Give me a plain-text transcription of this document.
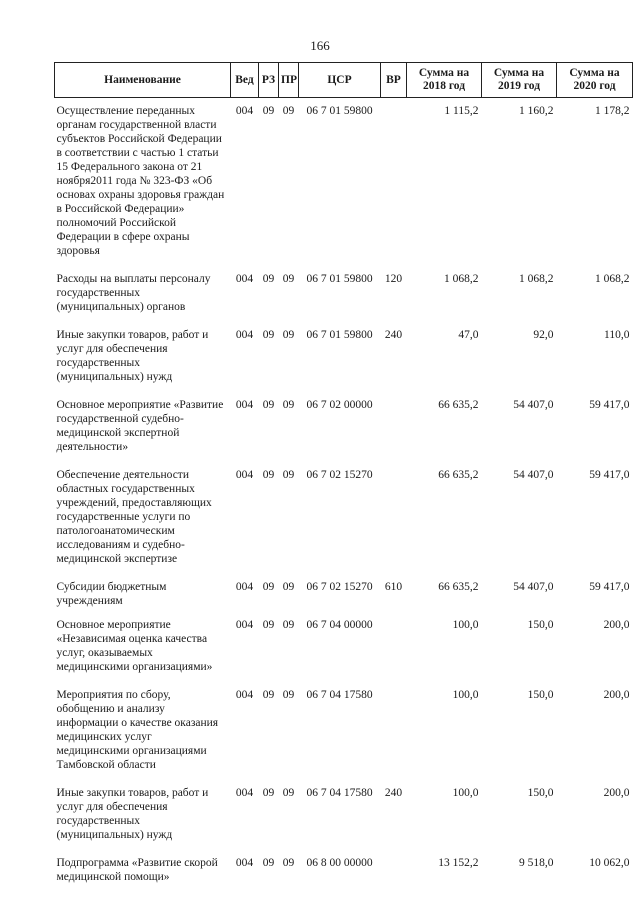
166
Наименование	Вед	РЗ	ПР	ЦСР	ВР	Сумма на 2018 год	Сумма на 2019 год	Сумма на 2020 год
Осуществление переданных органам государственной власти субъектов Российской Федерации в соответствии с частью 1 статьи 15 Федерального закона от 21 ноября2011 года № 323-ФЗ «Об основах охраны здоровья граждан в Российской Федерации» полномочий Российской Федерации в сфере охраны здоровья	004	09	09	06 7 01 59800		1 115,2	1 160,2	1 178,2
Расходы на выплаты персоналу государственных (муниципальных) органов	004	09	09	06 7 01 59800	120	1 068,2	1 068,2	1 068,2
Иные закупки товаров, работ и услуг для обеспечения государственных (муниципальных) нужд	004	09	09	06 7 01 59800	240	47,0	92,0	110,0
Основное мероприятие «Развитие государственной судебно-медицинской экспертной деятельности»	004	09	09	06 7 02 00000		66 635,2	54 407,0	59 417,0
Обеспечение деятельности областных государственных учреждений, предоставляющих государственные услуги по патологоанатомическим исследованиям и судебно-медицинской экспертизе	004	09	09	06 7 02 15270		66 635,2	54 407,0	59 417,0
Субсидии бюджетным учреждениям	004	09	09	06 7 02 15270	610	66 635,2	54 407,0	59 417,0
Основное мероприятие «Независимая оценка качества услуг, оказываемых медицинскими организациями»	004	09	09	06 7 04 00000		100,0	150,0	200,0
Мероприятия по сбору, обобщению и анализу информации о качестве оказания медицинских услуг медицинскими организациями Тамбовской области	004	09	09	06 7 04 17580		100,0	150,0	200,0
Иные закупки товаров, работ и услуг для обеспечения государственных (муниципальных) нужд	004	09	09	06 7 04 17580	240	100,0	150,0	200,0
Подпрограмма «Развитие скорой медицинской помощи»	004	09	09	06 8 00 00000		13 152,2	9 518,0	10 062,0
